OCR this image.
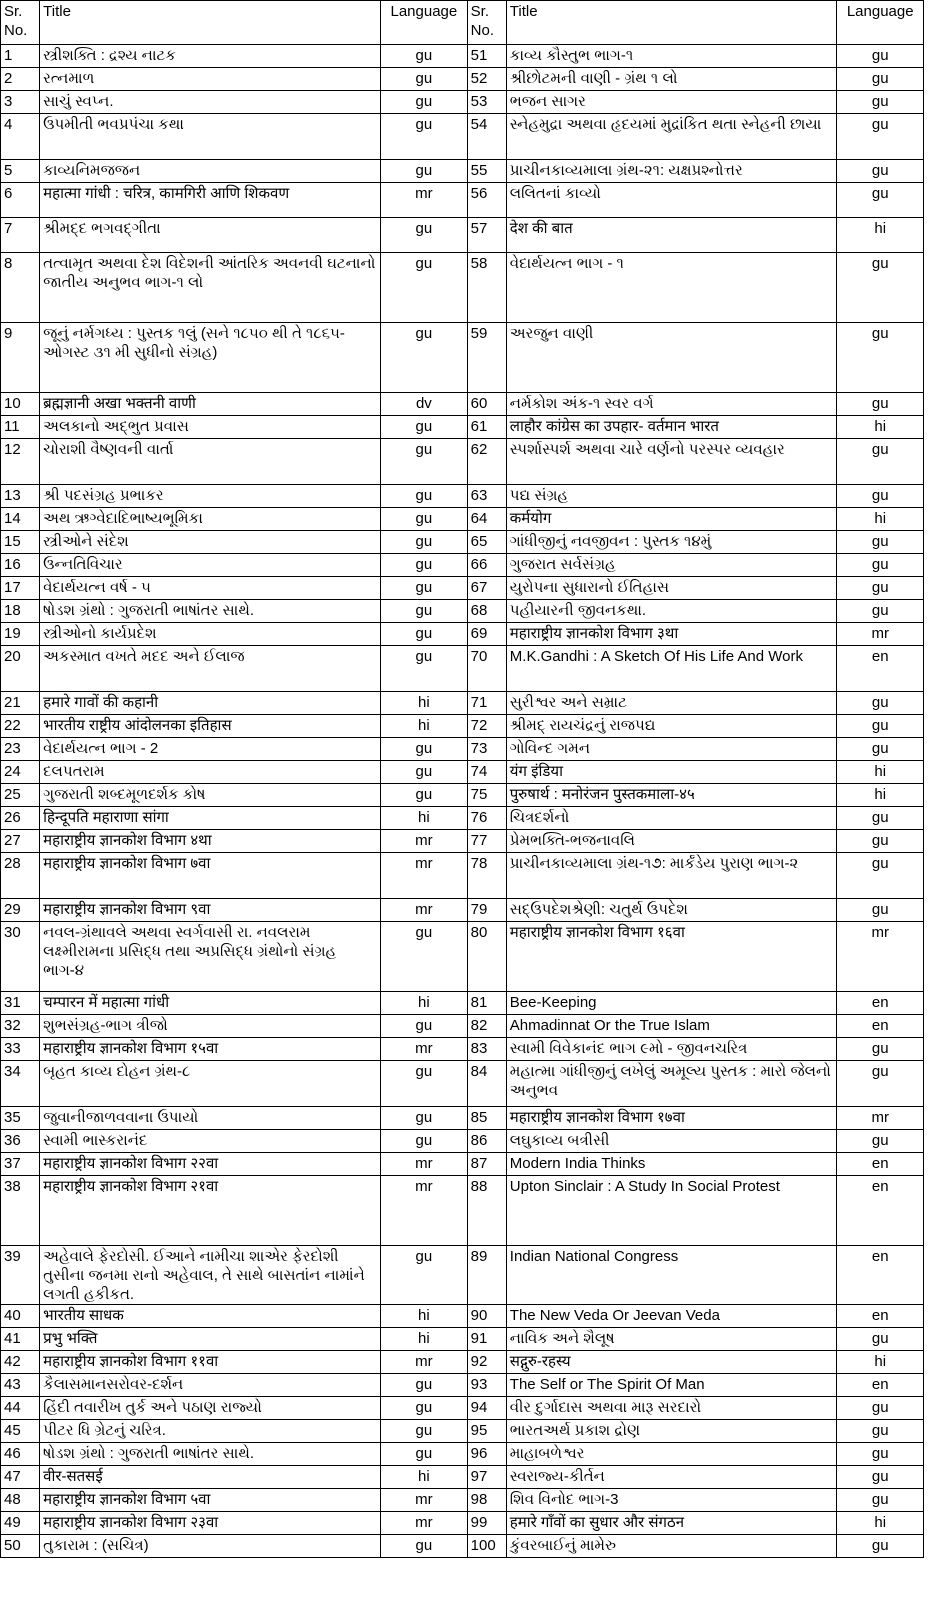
Sr. No.	Title	Language	Sr. No.	Title	Language
1	સ્ત્રીશક્તિ : દ્રશ્ય નાટક	gu	51	કાવ્ય કૌસ્તુભ ભાગ-૧	gu
2	રત્નમાળ	gu	52	શ્રીછોટમની વાણી - ગ્રંથ ૧ લો	gu
3	સાચું સ્વપ્ન.	gu	53	ભજન સાગર	gu
4	ઉપમીતી ભવપ્રપંચા કથા	gu	54	સ્નેહમુદ્રા અથવા હૃદયમાં મુદ્રાંકિત થતા સ્નેહની છાયા	gu
5	કાવ્યનિમજજન	gu	55	પ્રાચીનકાવ્યમાલા ગ્રંથ-૨૧: યક્ષપ્રશ્નોત્તર	gu
6	महात्मा गांधी : चरित्र, कामगिरी आणि शिकवण	mr	56	લલિતનાં કાવ્યો	gu
7	શ્રીમદ્દ ભગવદ્ગીતા	gu	57	देश की बात	hi
8	તત્વામૃત અથવા દેશ વિદેશની આંતરિક અવનવી ઘટનાનો જાતીય અનુભવ ભાગ-૧ લો	gu	58	વેદાર્થયત્ન ભાગ - ૧	gu
9	જૂનું નર્મગધ્ય : પુસ્તક ૧લું (સને ૧૮૫૦ થી તે ૧૮૬૫-ઓગસ્ટ ૩૧ મી સુધીનો સંગ્રહ)	gu	59	અરજુન વાણી	gu
10	ब्रह्मज्ञानी अखा भक्तनी वाणी	dv	60	નર્મકોશ અંક-૧ સ્વર વર્ગ	gu
11	અલકાનો અદ્ભુત પ્રવાસ	gu	61	लाहौर कांग्रेस का उपहार- वर्तमान भारत	hi
12	ચોરાશી વૈષ્ણવની વાર્તા	gu	62	સ્પર્શાસ્પર્શ અથવા ચારે વર્ણનો પરસ્પર વ્યવહાર	gu
13	શ્રી પદસંગ્રહ પ્રભાકર	gu	63	પદ્ય સંગ્રહ	gu
14	અથ ઋગ્વેદાદિભાષ્યભૂમિકા	gu	64	कर्मयोग	hi
15	સ્ત્રીઓને સંદેશ	gu	65	ગાંધીજીનું નવજીવન : પુસ્તક ૧૪મું	gu
16	ઉન્નતિવિચાર	gu	66	ગુજરાત સર્વસંગ્રહ	gu
17	વેદાર્થયત્ન વર્ષ - ૫	gu	67	યુરોપના સુધારાનો ઈતિહાસ	gu
18	ષોડશ ગ્રંથો : ગુજરાતી ભાષાંતર સાથે.	gu	68	પહીયારની જીવનકથા.	gu
19	સ્ત્રીઓનો કાર્યપ્રદેશ	gu	69	महाराष्ट्रीय ज्ञानकोश विभाग ३था	mr
20	અકસ્માત વખતે મદદ અને ઈલાજ	gu	70	M.K.Gandhi : A Sketch Of His Life And Work	en
21	हमारे गावों की कहानी	hi	71	સુરીશ્વર અને સમ્રાટ	gu
22	भारतीय राष्ट्रीय आंदोलनका इतिहास	hi	72	શ્રીમદ્ રાયચંદ્રનું રાજપદ્ય	gu
23	વેદાર્થયત્ન ભાગ - 2	gu	73	ગોવિન્દ ગમન	gu
24	દલપતરામ	gu	74	यंग इंडिया	hi
25	ગુજરાતી શબ્દમૂળદર્શક કોષ	gu	75	पुरुषार्थ : मनोरंजन पुस्तकमाला-४५	hi
26	हिन्दूपति महाराणा सांगा	hi	76	ચિત્રદર્શનો	gu
27	महाराष्ट्रीय ज्ञानकोश विभाग ४था	mr	77	પ્રેમભક્તિ-ભજનાવલિ	gu
28	महाराष्ट्रीय ज्ञानकोश विभाग ७वा	mr	78	પ્રાચીનકાવ્યમાલા ગ્રંથ-૧૭: માર્કંડેય પુરાણ ભાગ-૨	gu
29	महाराष्ट्रीय ज्ञानकोश विभाग ९वा	mr	79	સદ્ઉપદેશશ્રેણી: ચતુર્થ ઉપદેશ	gu
30	નવલ-ગ્રંથાવલે અથવા સ્વર્ગવાસી રા. નવલરામ લક્ષ્મીરામના પ્રસિદ્ધ તથા અપ્રસિદ્ધ ગ્રંથોનો સંગ્રહ ભાગ-૪	gu	80	महाराष्ट्रीय ज्ञानकोश विभाग १६वा	mr
31	चम्पारन में महात्मा गांधी	hi	81	Bee-Keeping	en
32	શુભસંગ્રહ-ભાગ ત્રીજો	gu	82	Ahmadinnat Or the True Islam	en
33	महाराष्ट्रीय ज्ञानकोश विभाग १५वा	mr	83	સ્વામી વિવેકાનંદ ભાગ ૯મો - જીવનચરિત્ર	gu
34	બૃહત કાવ્ય દોહન ગ્રંથ-૮	gu	84	મહાત્મા ગાંધીજીનું લખેલું અમૂલ્ય પુસ્તક : મારો જેલનો અનુભવ	gu
35	જુવાનીજાળવવાના ઉપાયો	gu	85	महाराष्ट्रीय ज्ञानकोश विभाग १७वा	mr
36	સ્વામી ભાસ્કરાનંદ	gu	86	લઘુકાવ્ય બત્રીસી	gu
37	महाराष्ट्रीय ज्ञानकोश विभाग २२वा	mr	87	Modern India Thinks	en
38	महाराष्ट्रीय ज्ञानकोश विभाग २१वा	mr	88	Upton Sinclair : A Study In Social Protest	en
39	અહેવાલે ફેરદોસી. ઈઆને નામીચા શાએર ફેરદોશી તુસીના જનમા રાનો અહેવાલ, તે સાથે બાસતાંન નામાંને લગતી હકીકત.	gu	89	Indian National Congress	en
40	भारतीय साधक	hi	90	The New Veda Or Jeevan Veda	en
41	प्रभु भक्ति	hi	91	નાવિક અને શૈલૂષ	gu
42	महाराष्ट्रीय ज्ञानकोश विभाग ११वा	mr	92	सद्गुरु-रहस्य	hi
43	કૈલાસમાનસરોવર-દર્શન	gu	93	The Self or The Spirit Of Man	en
44	હિંદી તવારીખ તુર્ક અને પઠાણ રાજ્યો	gu	94	વીર દુર્ગાદાસ અથવા મારૂ સરદારો	gu
45	પીટર ધિ ગ્રેટનું ચરિત્ર.	gu	95	ભારતઅર્થ પ્રકાશ દ્રોણ	gu
46	ષોડશ ગ્રંથો : ગુજરાતી ભાષાંતર સાથે.	gu	96	માહાબળેશ્વર	gu
47	वीर-सतसई	hi	97	સ્વરાજ્ય-કીર્તન	gu
48	महाराष्ट्रीय ज्ञानकोश विभाग ५वा	mr	98	શિવ વિનોદ ભાગ-3	gu
49	महाराष्ट्रीय ज्ञानकोश विभाग २३वा	mr	99	हमारे गाँवों का सुधार और संगठन	hi
50	તુકારામ : (સચિત્ર)	gu	100	કુંવરબાઈનું મામેરુ	gu
